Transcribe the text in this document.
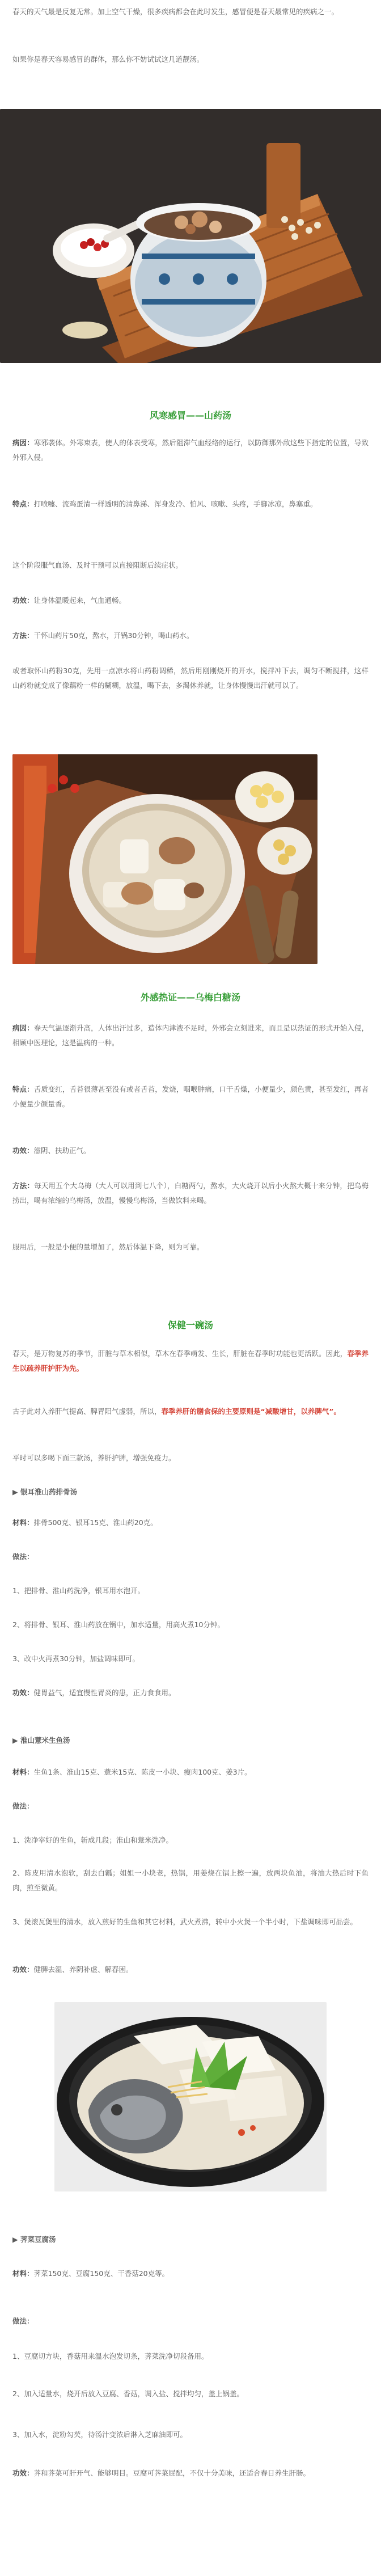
春天的天气最是反复无常。加上空气干燥，很多疾病都会在此时发生，感冒便是春天最常见的疾病之一。

如果你是春天容易感冒的群体，那么你不妨试试这几道靓汤。

风寒感冒——山药汤

病因：寒邪袭体。外寒束表，使人的体表受寒，然后阻滞气血经络的运行，以防御那外敌这些下指定的位置，导致外邪入侵。

特点：打喷嚏、流鸡蛋清一样透明的清鼻涕、浑身发冷、怕风、咳嗽、头疼，手脚冰凉，鼻塞重。

这个阶段服气血汤、及时干预可以直接阻断后续症状。

功效：让身体温暖起来，气血通畅。

方法：干怀山药片50克，熬水，开锅30分钟，喝山药水。

或者取怀山药粉30克，先用一点凉水将山药粉调稀，然后用刚刚烧开的开水，搅拌冲下去，调匀不断搅拌，这样山药粉就变成了像藕粉一样的糊糊，放温，喝下去，多渴休养就，让身体慢慢出汗就可以了。

外感热证——乌梅白糖汤

病因：春天气温逐渐升高，人体出汗过多，造体内津液不足时，外邪会立刻进来，而且是以热证的形式开始入侵，相顾中医理论，这是温病的一种。

特点：舌质变红，舌苔很薄甚至没有或者舌苔，发烧，咽喉肿痛，口干舌燥，小便量少，颜色黄，甚至发红，再者小便量少颜量香。

功效：滋阴、扶助正气。

方法：每天用五个大乌梅（大人可以用到七八个），白糖两勺，熬水，大火烧开以后小火熬大概十来分钟，把乌梅捞出，喝有浓缩的乌梅汤，放温，慢慢乌梅汤，当做饮料来喝。

服用后，一般是小便的量增加了，然后体温下降，则为可靠。

保健一碗汤

春天，是万物复苏的季节，肝脏与草木相似，草木在春季萌发、生长，肝脏在春季时功能也更活跃。因此，春季养生以疏养肝护肝为先。

古子此对入养肝气提高、脾胃阳气虚弱，所以，春季养肝的膳食保的主要原则是“减酸增甘，以养脾气”。

平时可以多喝下面三款汤，养肝护脾，增强免疫力。

▶ 银耳淮山药排骨汤

材料：排骨500克、银耳15克、淮山药20克。

做法：

1、把排骨、淮山药洗净，银耳用水泡开。

2、将排骨、银耳、淮山药放在锅中，加水适量，用高火煮10分钟。

3、改中火再煮30分钟，加盐调味即可。

功效：健胃益气，适宜慢性胃炎的患，正力食食用。

▶ 淮山薏米生鱼汤

材料：生鱼1条、淮山15克、薏米15克、陈皮一小块、瘦肉100克、姜3片。

做法：

1、洗净宰好的生鱼，斩成几段；淮山和薏米洗净。

2、陈皮用清水泡软，刮去白瓤；姐姐一小块老，热锅，用姜烧在锅上擦一遍，放两块鱼油，将油大热后时下鱼肉，煎至微黄。

3、煲滚瓦煲里的清水，放入煎好的生鱼和其它材料，武火煮沸，转中小火煲一个半小时，下盐调味即可品尝。

功效：健脾去湿、养阴补虚、解春困。

▶ 荠菜豆腐汤

材料：荠菜150克、豆腐150克、干香菇20克等。

做法：

1、豆腐切方块，香菇用来温水泡发切条，荠菜洗净切段备用。

2、加入适量水，烧开后放入豆腐、香菇，调入盐、搅拌均匀，盖上锅盖。

3、加入水，淀粉勾芡，待汤汁变浓后淋入芝麻油即可。

功效：荠和荠菜可肝开气、能够明目。豆腐可荠菜屁配，不仅十分美味，还适合春日养生肝肠。
